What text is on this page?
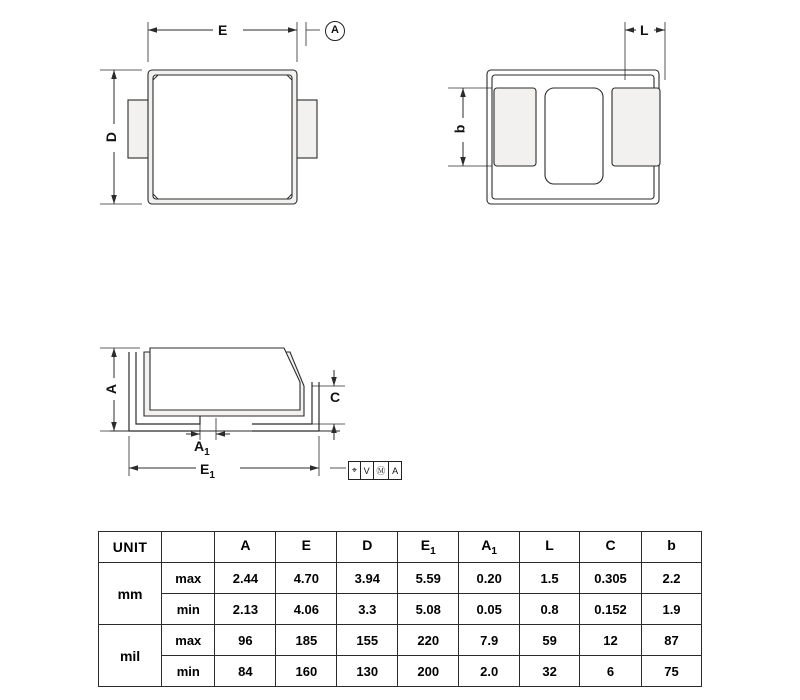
E
D
A	L
b
A	C
$A_1$
$E_1$	⌖ V Ⓜ A
UNIT		A	E	D	$E_1$	$A_1$	L	C	b
mm	max	2.44	4.70	3.94	5.59	0.20	1.5	0.305	2.2
	min	2.13	4.06	3.3	5.08	0.05	0.8	0.152	1.9
mil	max	96	185	155	220	7.9	59	12	87
	min	84	160	130	200	2.0	32	6	75
